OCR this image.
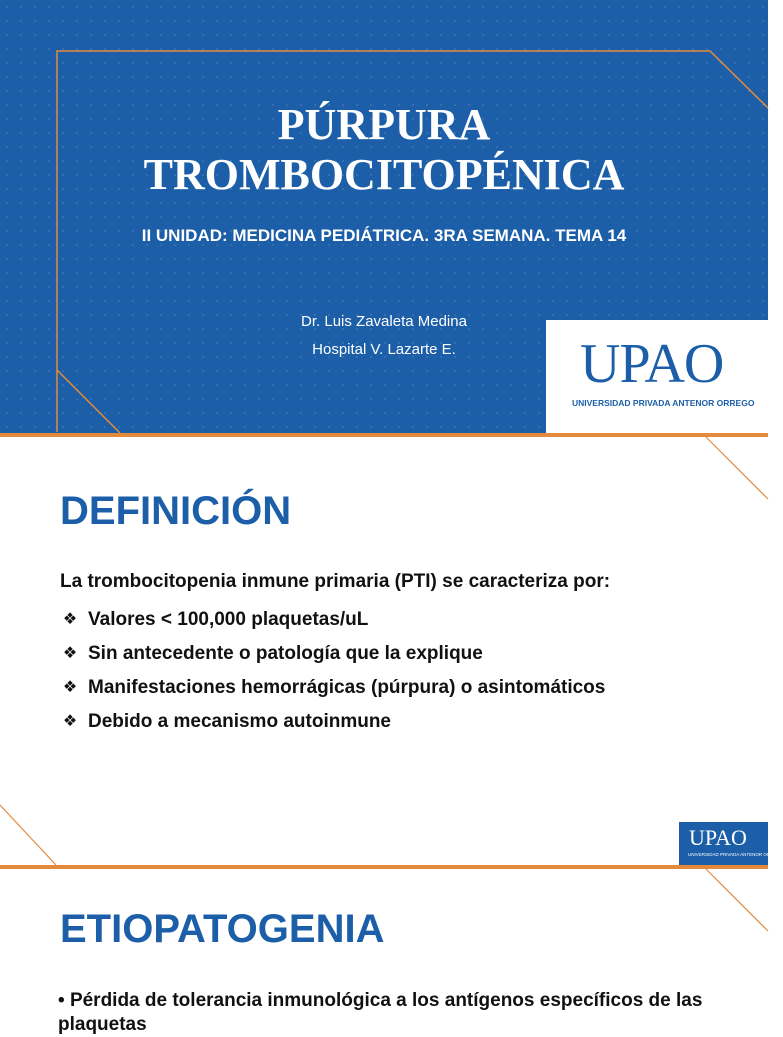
PÚRPURA
TROMBOCITOPÉNICA

II UNIDAD: MEDICINA PEDIÁTRICA. 3RA SEMANA. TEMA 14

Dr. Luis Zavaleta Medina
Hospital V. Lazarte E.	UPAO
UNIVERSIDAD PRIVADA ANTENOR ORREGO
DEFINICIÓN

La trombocitopenia inmune primaria (PTI) se caracteriza por:

❖ Valores < 100,000 plaquetas/uL
❖ Sin antecedente o patología que la explique
❖ Manifestaciones hemorrágicas (púrpura) o asintomáticos
❖ Debido a mecanismo autoinmune
UPAO
UNIVERSIDAD PRIVADA ANTENOR ORREGO
ETIOPATOGENIA

• Pérdida de tolerancia inmunológica a los antígenos específicos de las plaquetas
